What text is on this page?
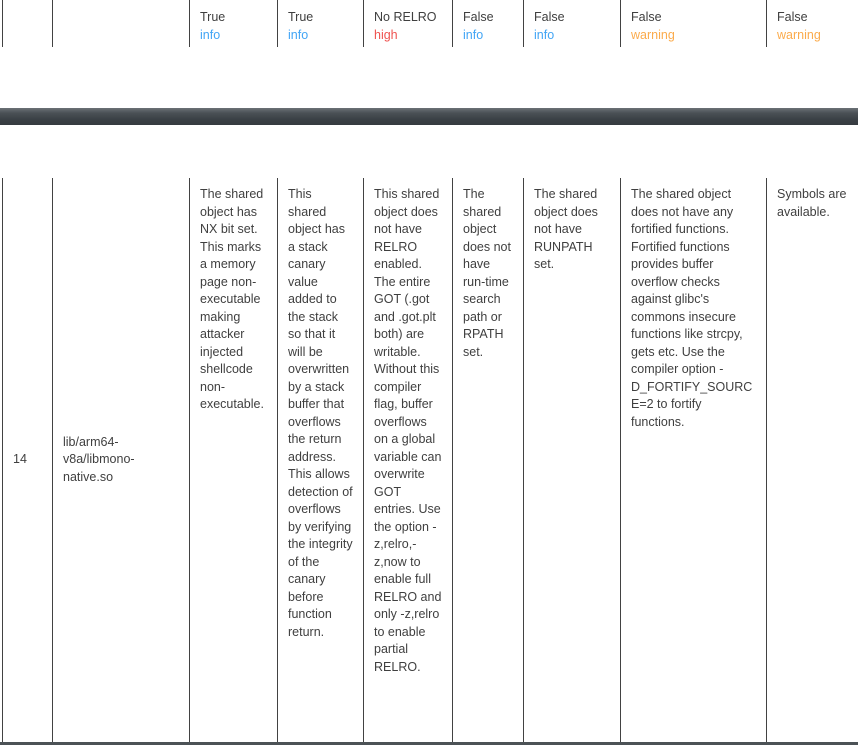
True
info
True
info
No RELRO
high
False
info
False
info
False
warning
False
warning
14
lib/arm64-v8a/libmono-native.so
The shared object has NX bit set. This marks a memory page non-executable making attacker injected shellcode non-executable.
This shared object has a stack canary value added to the stack so that it will be overwritten by a stack buffer that overflows the return address. This allows detection of overflows by verifying the integrity of the canary before function return.
This shared object does not have RELRO enabled. The entire GOT (.got and .got.plt both) are writable. Without this compiler flag, buffer overflows on a global variable can overwrite GOT entries. Use the option -z,relro,-z,now to enable full RELRO and only -z,relro to enable partial RELRO.
The shared object does not have run-time search path or RPATH set.
The shared object does not have RUNPATH set.
The shared object does not have any fortified functions. Fortified functions provides buffer overflow checks against glibc's commons insecure functions like strcpy, gets etc. Use the compiler option -D_FORTIFY_SOURCE=2 to fortify functions.
Symbols are available.
